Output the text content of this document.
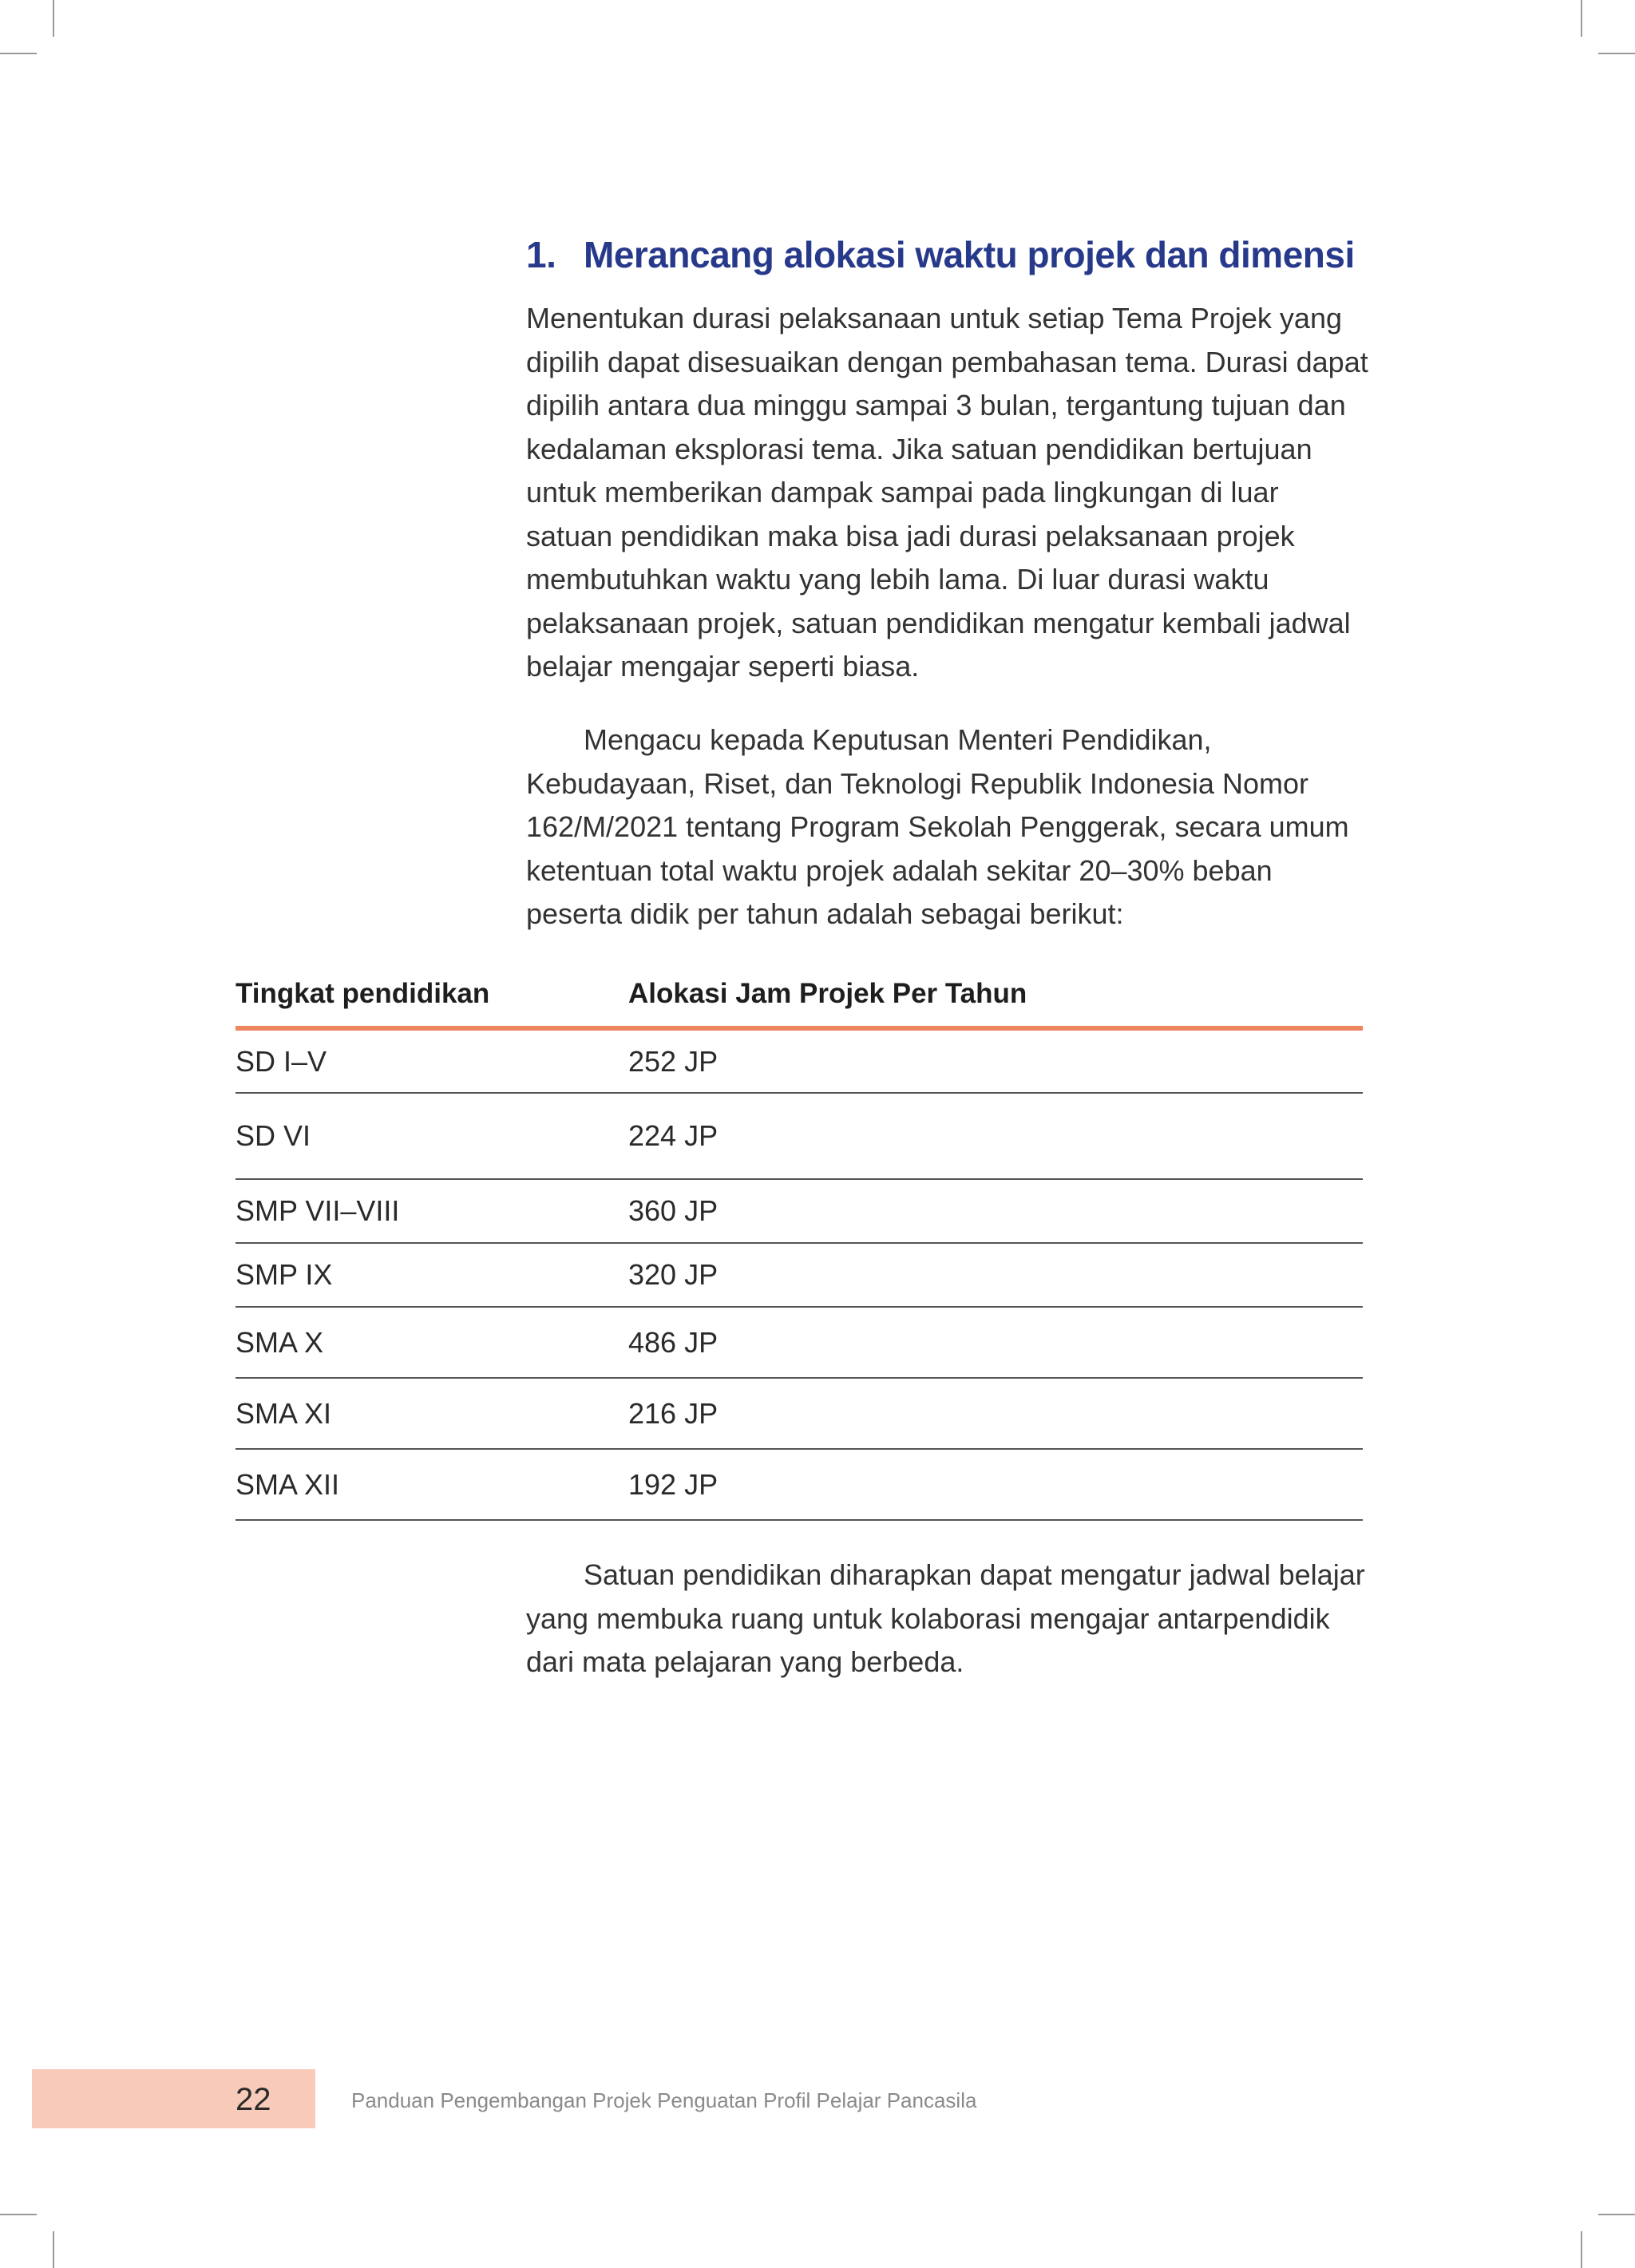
1. Merancang alokasi waktu projek dan dimensi

Menentukan durasi pelaksanaan untuk setiap Tema Projek yang dipilih dapat disesuaikan dengan pembahasan tema. Durasi dapat dipilih antara dua minggu sampai 3 bulan, tergantung tujuan dan kedalaman eksplorasi tema. Jika satuan pendidikan bertujuan untuk memberikan dampak sampai pada lingkungan di luar satuan pendidikan maka bisa jadi durasi pelaksanaan projek membutuhkan waktu yang lebih lama. Di luar durasi waktu pelaksanaan projek, satuan pendidikan mengatur kembali jadwal belajar mengajar seperti biasa.

Mengacu kepada Keputusan Menteri Pendidikan, Kebudayaan, Riset, dan Teknologi Republik Indonesia Nomor 162/M/2021 tentang Program Sekolah Penggerak, secara umum ketentuan total waktu projek adalah sekitar 20–30% beban peserta didik per tahun adalah sebagai berikut:

Tingkat pendidikan	Alokasi Jam Projek Per Tahun
SD I–V	252 JP
SD VI	224 JP
SMP VII–VIII	360 JP
SMP IX	320 JP
SMA X	486 JP
SMA XI	216 JP
SMA XII	192 JP

Satuan pendidikan diharapkan dapat mengatur jadwal belajar yang membuka ruang untuk kolaborasi mengajar antarpendidik dari mata pelajaran yang berbeda.

22	Panduan Pengembangan Projek Penguatan Profil Pelajar Pancasila
